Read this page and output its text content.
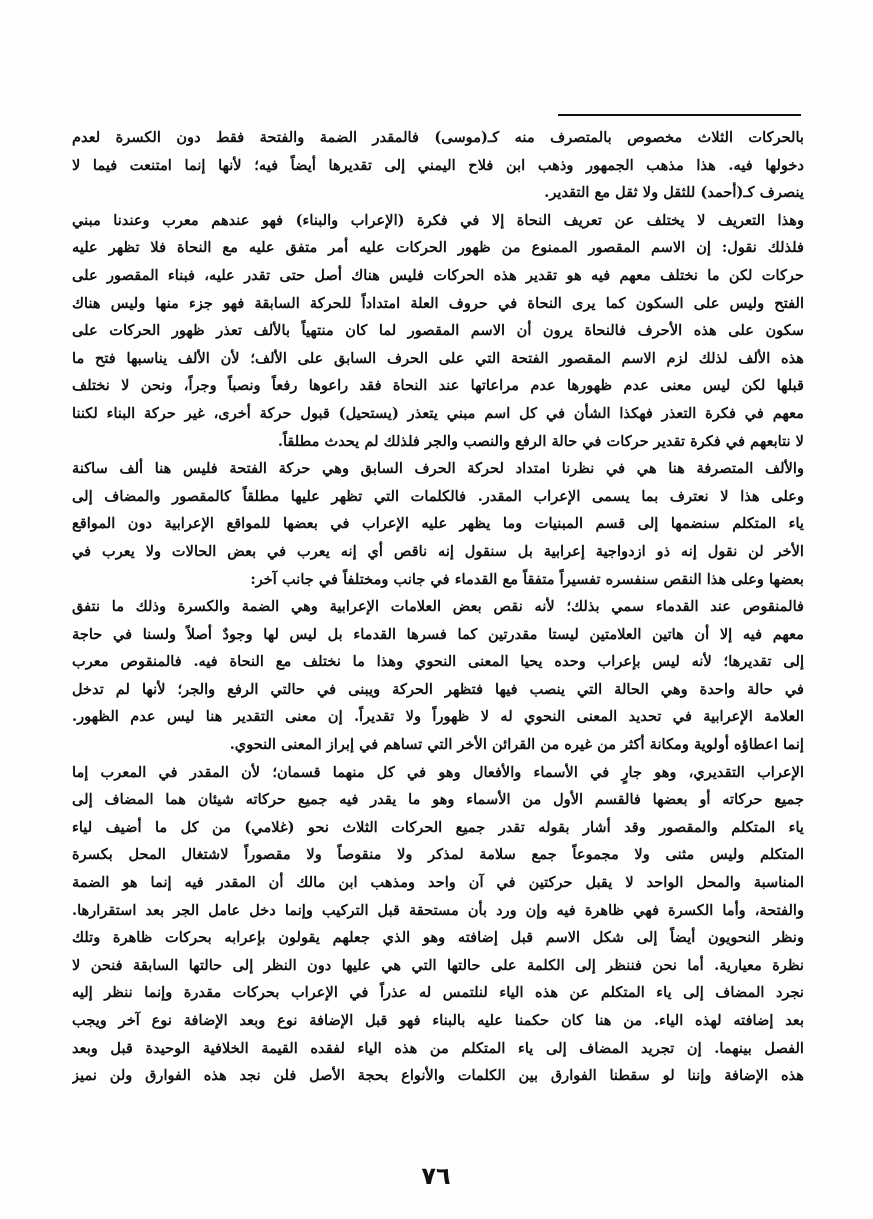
بالحركات الثلاث مخصوص بالمتصرف منه كـ(موسى) فالمقدر الضمة والفتحة فقط دون الكسرة لعدم
دخولها فيه. هذا مذهب الجمهور وذهب ابن فلاح اليمني إلى تقديرها أيضاً فيه؛ لأنها إنما امتنعت فيما لا
ينصرف كـ(أحمد) للثقل ولا ثقل مع التقدير.
وهذا التعريف لا يختلف عن تعريف النحاة إلا في فكرة (الإعراب والبناء) فهو عندهم معرب وعندنا مبني
فلذلك نقول: إن الاسم المقصور الممنوع من ظهور الحركات عليه أمر متفق عليه مع النحاة فلا تظهر عليه
حركات لكن ما نختلف معهم فيه هو تقدير هذه الحركات فليس هناك أصل حتى تقدر عليه، فبناء المقصور على
الفتح وليس على السكون كما يرى النحاة في حروف العلة امتداداً للحركة السابقة فهو جزء منها وليس هناك
سكون على هذه الأحرف فالنحاة يرون أن الاسم المقصور لما كان منتهياً بالألف تعذر ظهور الحركات على
هذه الألف لذلك لزم الاسم المقصور الفتحة التي على الحرف السابق على الألف؛ لأن الألف يناسبها فتح ما
قبلها لكن ليس معنى عدم ظهورها عدم مراعاتها عند النحاة فقد راعوها رفعاً ونصباً وجراً، ونحن لا نختلف
معهم في فكرة التعذر فهكذا الشأن في كل اسم مبني يتعذر (يستحيل) قبول حركة أخرى، غير حركة البناء لكننا
لا نتابعهم في فكرة تقدير حركات في حالة الرفع والنصب والجر فلذلك لم يحدث مطلقاً.
والألف المتصرفة هنا هي في نظرنا امتداد لحركة الحرف السابق وهي حركة الفتحة فليس هنا ألف ساكنة
وعلى هذا لا نعترف بما يسمى الإعراب المقدر. فالكلمات التي تظهر عليها مطلقاً كالمقصور والمضاف إلى
ياء المتكلم سنضمها إلى قسم المبنيات وما يظهر عليه الإعراب في بعضها للمواقع الإعرابية دون المواقع
الأخر لن نقول إنه ذو ازدواجية إعرابية بل سنقول إنه ناقص أي إنه يعرب في بعض الحالات ولا يعرب في
بعضها وعلى هذا النقص سنفسره تفسيراً متفقاً مع القدماء في جانب ومختلفاً في جانب آخر:
فالمنقوص عند القدماء سمي بذلك؛ لأنه نقص بعض العلامات الإعرابية وهي الضمة والكسرة وذلك ما نتفق
معهم فيه إلا أن هاتين العلامتين ليستا مقدرتين كما فسرها القدماء بل ليس لها وجودٌ أصلاً ولسنا في حاجة
إلى تقديرها؛ لأنه ليس بإعراب وحده يحيا المعنى النحوي وهذا ما نختلف مع النحاة فيه. فالمنقوص معرب
في حالة واحدة وهي الحالة التي ينصب فيها فتظهر الحركة ويبنى في حالتي الرفع والجر؛ لأنها لم تدخل
العلامة الإعرابية في تحديد المعنى النحوي له لا ظهوراً ولا تقديراً. إن معنى التقدير هنا ليس عدم الظهور.
إنما اعطاؤه أولوية ومكانة أكثر من غيره من القرائن الأخر التي تساهم في إبراز المعنى النحوي.
الإعراب التقديري، وهو جارٍ في الأسماء والأفعال وهو في كل منهما قسمان؛ لأن المقدر في المعرب إما
جميع حركاته أو بعضها فالقسم الأول من الأسماء وهو ما يقدر فيه جميع حركاته شيئان هما المضاف إلى
ياء المتكلم والمقصور وقد أشار بقوله تقدر جميع الحركات الثلاث نحو (غلامي) من كل ما أضيف لياء
المتكلم وليس مثنى ولا مجموعاً جمع سلامة لمذكر ولا منقوصاً ولا مقصوراً لاشتغال المحل بكسرة
المناسبة والمحل الواحد لا يقبل حركتين في آن واحد ومذهب ابن مالك أن المقدر فيه إنما هو الضمة
والفتحة، وأما الكسرة فهي ظاهرة فيه وإن ورد بأن مستحقة قبل التركيب وإنما دخل عامل الجر بعد استقرارها.
ونظر النحويون أيضاً إلى شكل الاسم قبل إضافته وهو الذي جعلهم يقولون بإعرابه بحركات ظاهرة وتلك
نظرة معيارية. أما نحن فننظر إلى الكلمة على حالتها التي هي عليها دون النظر إلى حالتها السابقة فنحن لا
نجرد المضاف إلى ياء المتكلم عن هذه الياء لنلتمس له عذراً في الإعراب بحركات مقدرة وإنما ننظر إليه
بعد إضافته لهذه الياء. من هنا كان حكمنا عليه بالبناء فهو قبل الإضافة نوع وبعد الإضافة نوع آخر ويجب
الفصل بينهما. إن تجريد المضاف إلى ياء المتكلم من هذه الياء لفقده القيمة الخلافية الوحيدة قبل وبعد
هذه الإضافة وإننا لو سقطنا الفوارق بين الكلمات والأنواع بحجة الأصل فلن نجد هذه الفوارق ولن نميز
٧٦
